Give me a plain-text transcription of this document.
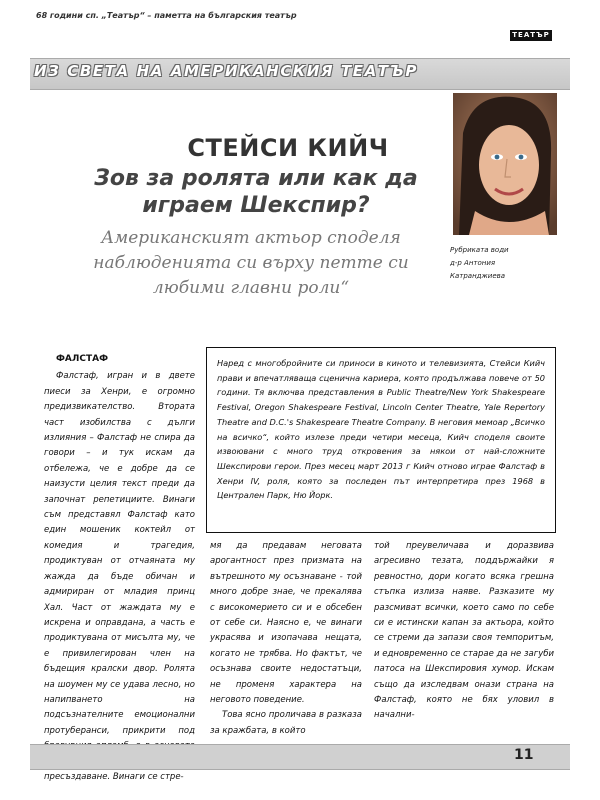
68 години сп. „Театър“ – паметта на българския театър
ТЕАТЪР
ИЗ СВЕТА НА АМЕРИКАНСКИЯ ТЕАТЪР
Рубриката води
д-р Антония
Катранджиева
СТЕЙСИ КИЙЧ
Зов за ролята или как да играем Шекспир?
Американският актьор споделя наблюденията си върху петте си любими главни роли“
Наред с многобройните си приноси в киното и телевизията, Стейси Кийч прави и впечатляваща сценична кариера, която продължава повече от 50 години. Тя включва представления в Public Theatre/New York Shakespeare Festival, Oregon Shakespeare Festival, Lincoln Center Theatre, Yale Repertory Theatre and D.C.'s Shakespeare Theatre Company. В неговия мемоар „Всичко на всичко“, който излезе преди четири месеца, Кийч споделя своите извоювани с много труд откровения за някои от най-сложните Шекспирови герои. През месец март 2013 г Кийч отново играе Фалстаф в Хенри IV, роля, която за последен път интерпретира през 1968 в Централен Парк, Ню Йорк.
ФАЛСТАФ

Фалстаф, игран и в двете пиеси за Хенри, е огромно предизвикателство. Втората част изобилства с дълги излияния – Фалстаф не спира да говори – и тук искам да отбележа, че е добре да се наизусти целия текст преди да започнат репетициите. Винаги съм представял Фалстаф като един мошеник коктейл от комедия и трагедия, продиктуван от отчаяната му жажда да бъде обичан и адмириран от младия принц Хал. Част от жаждата му е искрена и оправдана, а часть е продиктувана от мисълта му, че е привилегирован член на бъдещия кралски двор. Ролята на шоумен му се удава лесно, но напипването на подсъзнателните емоционални протуберанси, прикрити под пресъздаване. Винаги се стре-

мя да предавам неговата арогантност през призмата на вътрешното му осъзнаване - той много добре знае, че прекалява с високомерието си и е обсебен от себе си. Наясно е, че винаги украсява и изопачава нещата, когато не трябва. Но фактът, че осъзнава своите недостатъци, не променя характера на неговото поведение.

Това ясно проличава в разказа за кражбата, в който

той преувеличава и доразвива агресивно тезата, поддържайки я ревностно, дори когато всяка грешна стъпка излиза наяве. Разказите му разсмиват всички, което само по себе си е истински капан за актьора, който се стреми да запази своя темпоритъм, и едновременно се старае да не загуби патоса на Шекспировия хумор. Искам също да изследвам онази страна на Фалстаф, която не бях уловил в начални-

11
